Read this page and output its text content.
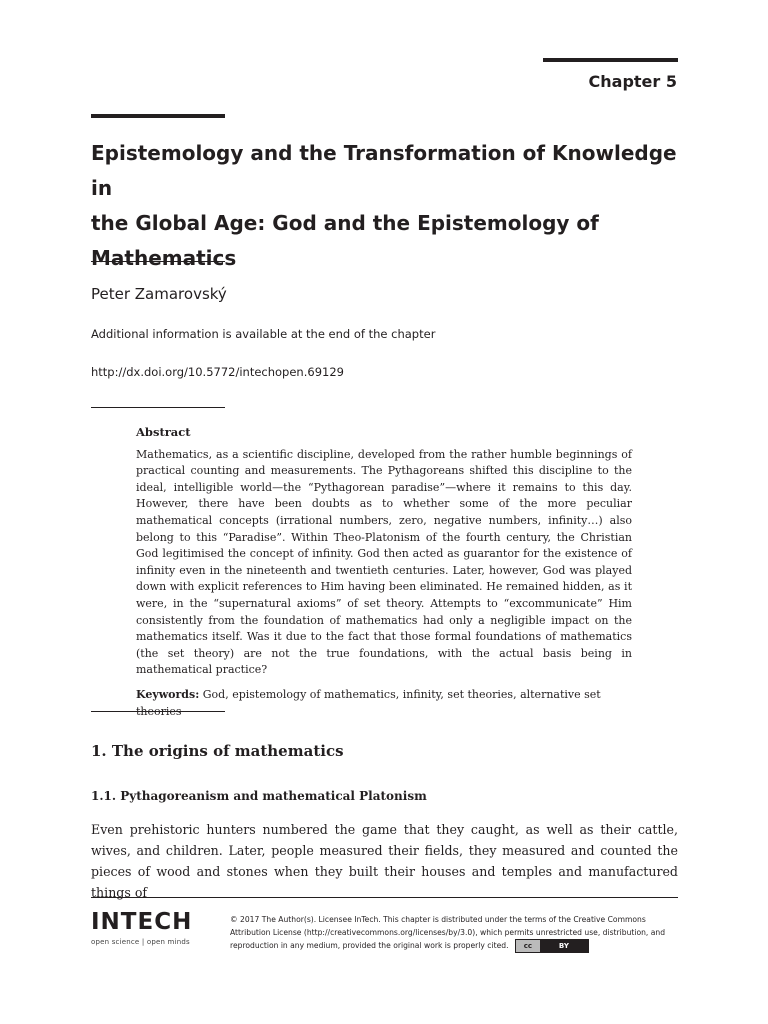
Chapter 5
Epistemology and the Transformation of Knowledge in
the Global Age: God and the Epistemology of
Mathematics
Peter Zamarovský
Additional information is available at the end of the chapter
http://dx.doi.org/10.5772/intechopen.69129
Abstract

Mathematics, as a scientific discipline, developed from the rather humble beginnings of practical counting and measurements. The Pythagoreans shifted this discipline to the ideal, intelligible world—the “Pythagorean paradise”—where it remains to this day. However, there have been doubts as to whether some of the more peculiar mathematical concepts (irrational numbers, zero, negative numbers, infinity…) also belong to this “Paradise”. Within Theo-Platonism of the fourth century, the Christian God legitimised the concept of infinity. God then acted as guarantor for the existence of infinity even in the nineteenth and twentieth centuries. Later, however, God was played down with explicit references to Him having been eliminated. He remained hidden, as it were, in the “supernatural axioms” of set theory. Attempts to “excommunicate” Him consistently from the foundation of mathematics had only a negligible impact on the mathematics itself. Was it due to the fact that those formal foundations of mathematics (the set theory) are not the true foundations, with the actual basis being in mathematical practice?

Keywords: God, epistemology of mathematics, infinity, set theories, alternative set theories
1. The origins of mathematics
1.1. Pythagoreanism and mathematical Platonism

Even prehistoric hunters numbered the game that they caught, as well as their cattle, wives, and children. Later, people measured their fields, they measured and counted the pieces of wood and stones when they built their houses and temples and manufactured things of

INTECH
open science | open minds
© 2017 The Author(s). Licensee InTech. This chapter is distributed under the terms of the Creative Commons Attribution License (http://creativecommons.org/licenses/by/3.0), which permits unrestricted use, distribution, and reproduction in any medium, provided the original work is properly cited.	cc	BY
